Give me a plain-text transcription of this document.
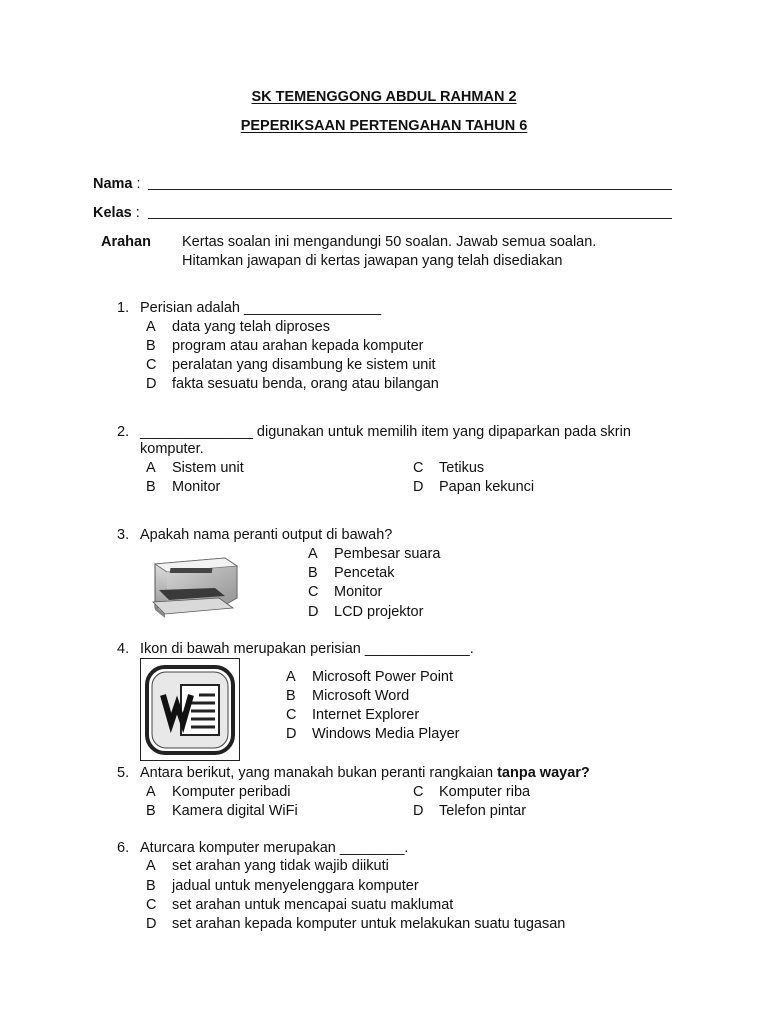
SK TEMENGGONG ABDUL RAHMAN 2
PEPERIKSAAN PERTENGAHAN TAHUN 6
Nama :
Kelas :
Arahan Kertas soalan ini mengandungi 50 soalan. Jawab semua soalan.
Hitamkan jawapan di kertas jawapan yang telah disediakan
1. Perisian adalah _________________
A data yang telah diproses
B program atau arahan kepada komputer
C peralatan yang disambung ke sistem unit
D fakta sesuatu benda, orang atau bilangan
2. ______________ digunakan untuk memilih item yang dipaparkan pada skrin
komputer.
A Sistem unit
B Monitor
C Tetikus
D Papan kekunci
3. Apakah nama peranti output di bawah?
A Pembesar suara
B Pencetak
C Monitor
D LCD projektor
4. Ikon di bawah merupakan perisian _____________.
A Microsoft Power Point
B Microsoft Word
C Internet Explorer
D Windows Media Player
5. Antara berikut, yang manakah bukan peranti rangkaian tanpa wayar?
A Komputer peribadi
B Kamera digital WiFi
C Komputer riba
D Telefon pintar
6. Aturcara komputer merupakan ________.
A set arahan yang tidak wajib diikuti
B jadual untuk menyelenggara komputer
C set arahan untuk mencapai suatu maklumat
D set arahan kepada komputer untuk melakukan suatu tugasan
